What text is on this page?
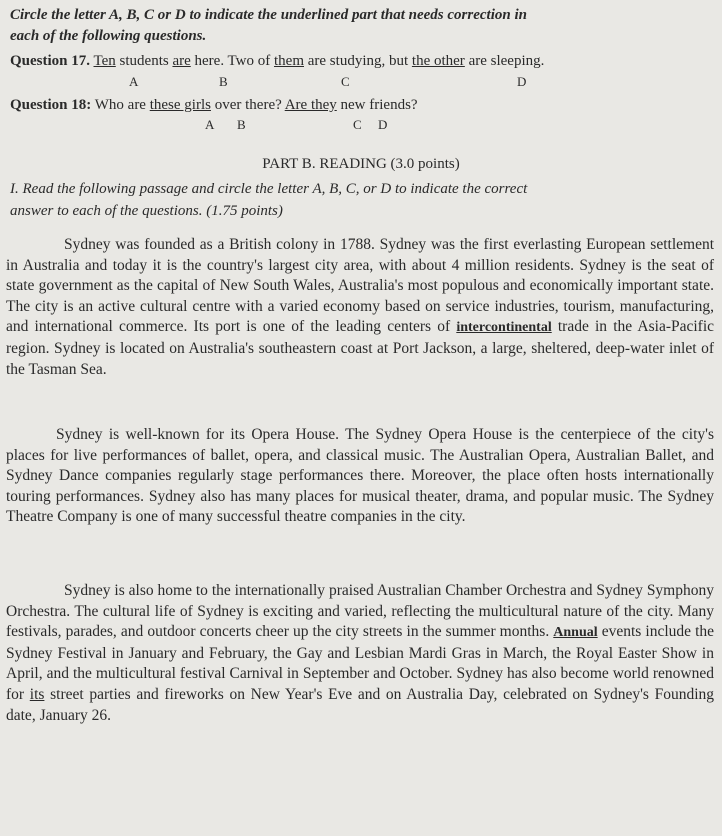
Circle the letter A, B, C or D to indicate the underlined part that needs correction in
each of the following questions.
Question 17. Ten students are here. Two of them are studying, but the other are sleeping.
A	B	C	D
Question 18: Who are these girls over there? Are they new friends?
A B	C D
PART B. READING (3.0 points)
I. Read the following passage and circle the letter A, B, C, or D to indicate the correct
answer to each of the questions. (1.75 points)

Sydney was founded as a British colony in 1788. Sydney was the first everlasting European settlement in Australia and today it is the country's largest city area, with about 4 million residents. Sydney is the seat of state government as the capital of New South Wales, Australia's most populous and economically important state. The city is an active cultural centre with a varied economy based on service industries, tourism, manufacturing, and international commerce. Its port is one of the leading centers of intercontinental trade in the Asia-Pacific region. Sydney is located on Australia's southeastern coast at Port Jackson, a large, sheltered, deep-water inlet of the Tasman Sea.

Sydney is well-known for its Opera House. The Sydney Opera House is the centerpiece of the city's places for live performances of ballet, opera, and classical music. The Australian Opera, Australian Ballet, and Sydney Dance companies regularly stage performances there. Moreover, the place often hosts internationally touring performances. Sydney also has many places for musical theater, drama, and popular music. The Sydney Theatre Company is one of many successful theatre companies in the city.

Sydney is also home to the internationally praised Australian Chamber Orchestra and Sydney Symphony Orchestra. The cultural life of Sydney is exciting and varied, reflecting the multicultural nature of the city. Many festivals, parades, and outdoor concerts cheer up the city streets in the summer months. Annual events include the Sydney Festival in January and February, the Gay and Lesbian Mardi Gras in March, the Royal Easter Show in April, and the multicultural festival Carnival in September and October. Sydney has also become world renowned for its street parties and fireworks on New Year's Eve and on Australia Day, celebrated on Sydney's Founding date, January 26.
